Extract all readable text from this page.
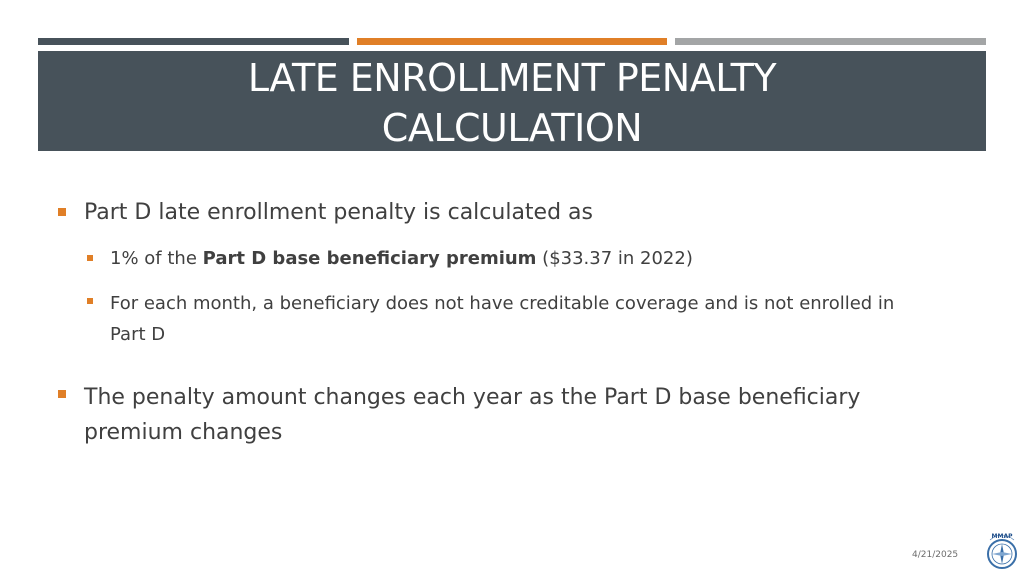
LATE ENROLLMENT PENALTY CALCULATION
Part D late enrollment penalty is calculated as
1% of the Part D base beneficiary premium ($33.37 in 2022)
For each month, a beneficiary does not have creditable coverage and is not enrolled in Part D
The penalty amount changes each year as the Part D base beneficiary premium changes
4/21/2025
MMAP
